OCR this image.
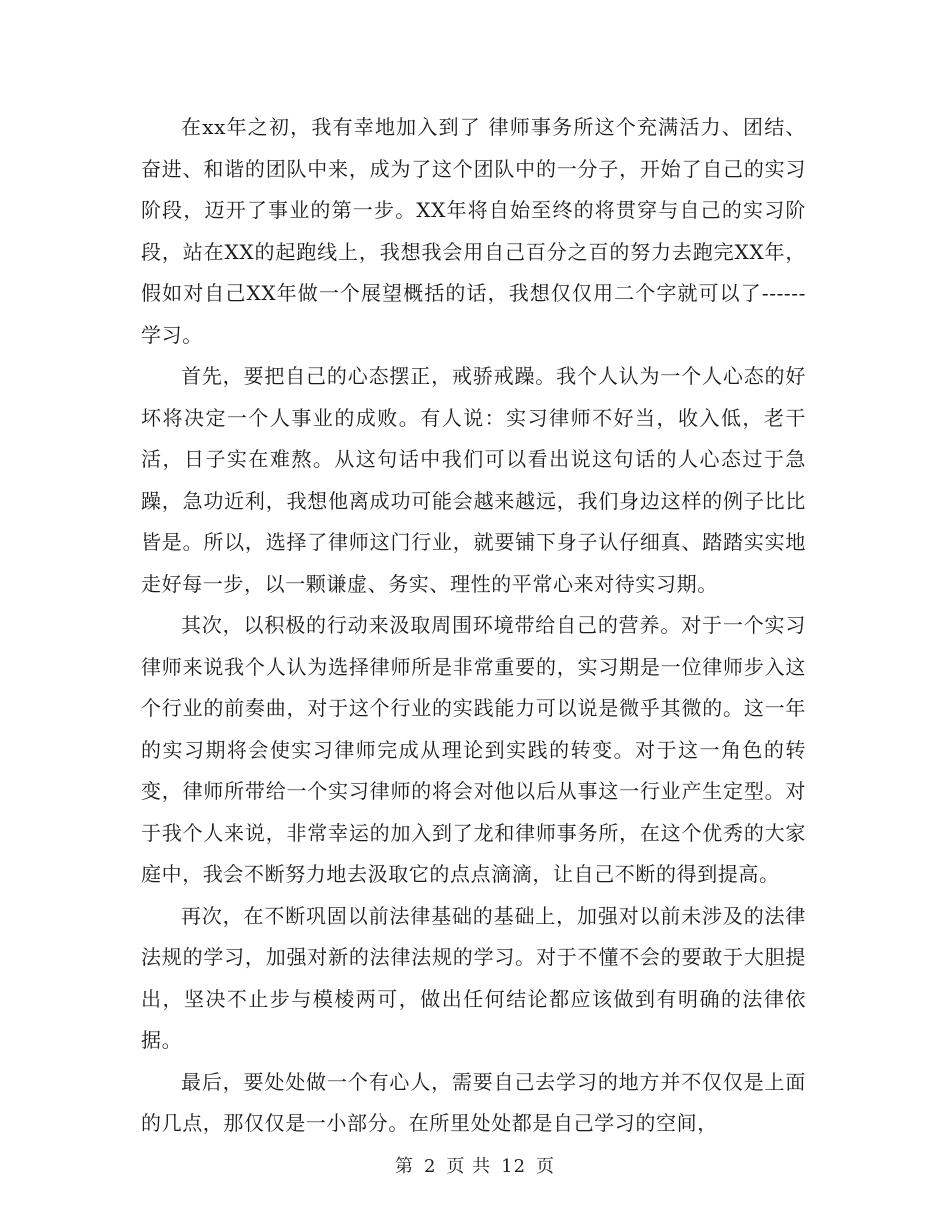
在xx年之初，我有幸地加入到了 律师事务所这个充满活力、团结、奋进、和谐的团队中来，成为了这个团队中的一分子，开始了自己的实习阶段，迈开了事业的第一步。XX年将自始至终的将贯穿与自己的实习阶段，站在XX的起跑线上，我想我会用自己百分之百的努力去跑完XX年，假如对自己XX年做一个展望概括的话，我想仅仅用二个字就可以了------学习。

首先，要把自己的心态摆正，戒骄戒躁。我个人认为一个人心态的好坏将决定一个人事业的成败。有人说：实习律师不好当，收入低，老干活，日子实在难熬。从这句话中我们可以看出说这句话的人心态过于急躁，急功近利，我想他离成功可能会越来越远，我们身边这样的例子比比皆是。所以，选择了律师这门行业，就要铺下身子认仔细真、踏踏实实地走好每一步，以一颗谦虚、务实、理性的平常心来对待实习期。

其次，以积极的行动来汲取周围环境带给自己的营养。对于一个实习律师来说我个人认为选择律师所是非常重要的，实习期是一位律师步入这个行业的前奏曲，对于这个行业的实践能力可以说是微乎其微的。这一年的实习期将会使实习律师完成从理论到实践的转变。对于这一角色的转变，律师所带给一个实习律师的将会对他以后从事这一行业产生定型。对于我个人来说，非常幸运的加入到了龙和律师事务所，在这个优秀的大家庭中，我会不断努力地去汲取它的点点滴滴，让自己不断的得到提高。

再次，在不断巩固以前法律基础的基础上，加强对以前未涉及的法律法规的学习，加强对新的法律法规的学习。对于不懂不会的要敢于大胆提出，坚决不止步与模棱两可，做出任何结论都应该做到有明确的法律依据。

最后，要处处做一个有心人，需要自己去学习的地方并不仅仅是上面的几点，那仅仅是一小部分。在所里处处都是自己学习的空间，

第 2 页 共 12 页
